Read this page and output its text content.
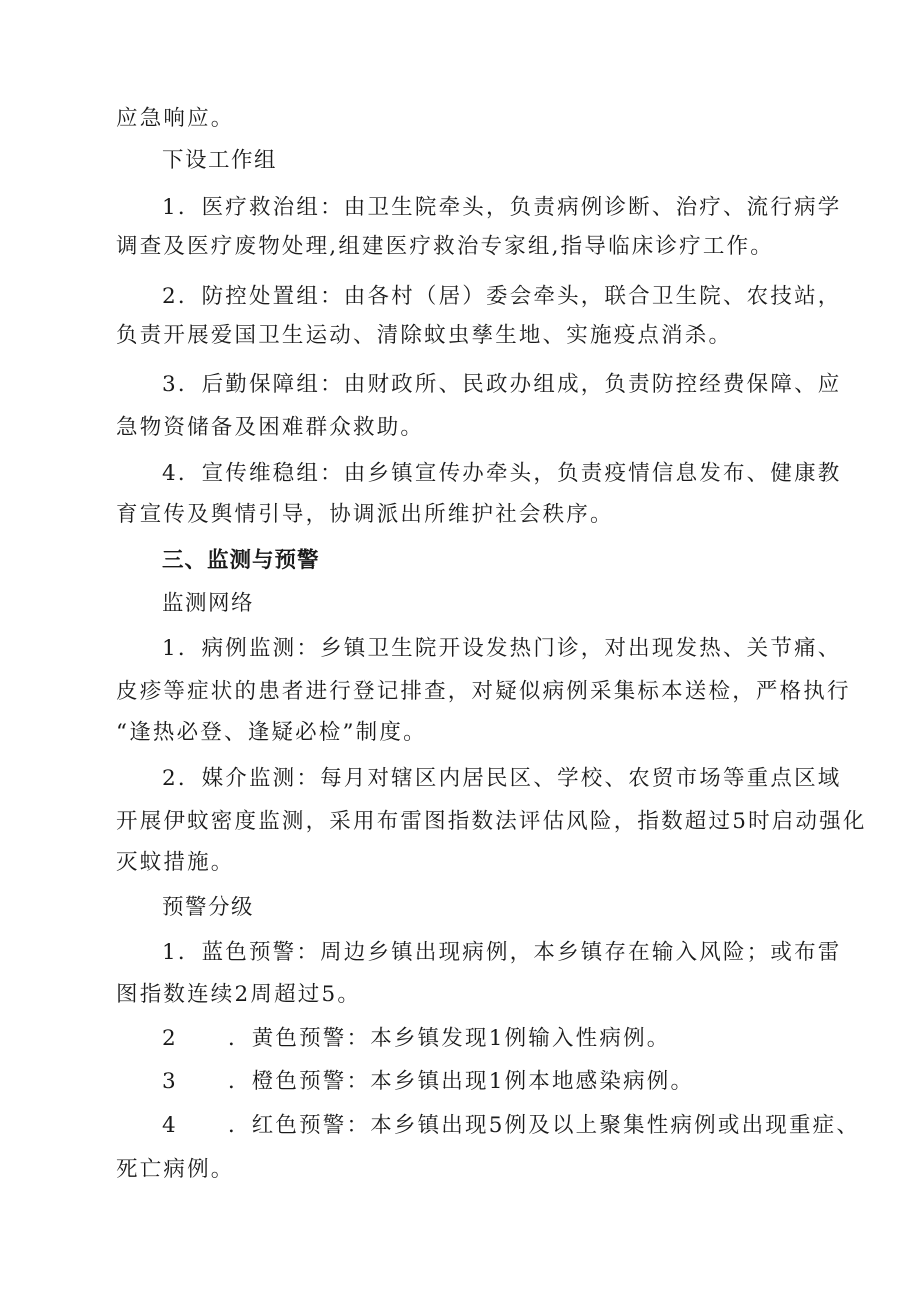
应急响应。
下设工作组
1．医疗救治组：由卫生院牵头，负责病例诊断、治疗、流行病学
调查及医疗废物处理,组建医疗救治专家组,指导临床诊疗工作。
2．防控处置组：由各村（居）委会牵头，联合卫生院、农技站，
负责开展爱国卫生运动、清除蚊虫孳生地、实施疫点消杀。
3．后勤保障组：由财政所、民政办组成，负责防控经费保障、应
急物资储备及困难群众救助。
4．宣传维稳组：由乡镇宣传办牵头，负责疫情信息发布、健康教
育宣传及舆情引导，协调派出所维护社会秩序。
三、监测与预警
监测网络
1．病例监测：乡镇卫生院开设发热门诊，对出现发热、关节痛、
皮疹等症状的患者进行登记排查，对疑似病例采集标本送检，严格执行
“逢热必登、逢疑必检”制度。
2．媒介监测：每月对辖区内居民区、学校、农贸市场等重点区域
开展伊蚊密度监测，采用布雷图指数法评估风险，指数超过5时启动强化
灭蚊措施。
预警分级
1．蓝色预警：周边乡镇出现病例，本乡镇存在输入风险；或布雷
图指数连续2周超过5。
2 ．黄色预警：本乡镇发现1例输入性病例。
3 ．橙色预警：本乡镇出现1例本地感染病例。
4 ．红色预警：本乡镇出现5例及以上聚集性病例或出现重症、
死亡病例。
